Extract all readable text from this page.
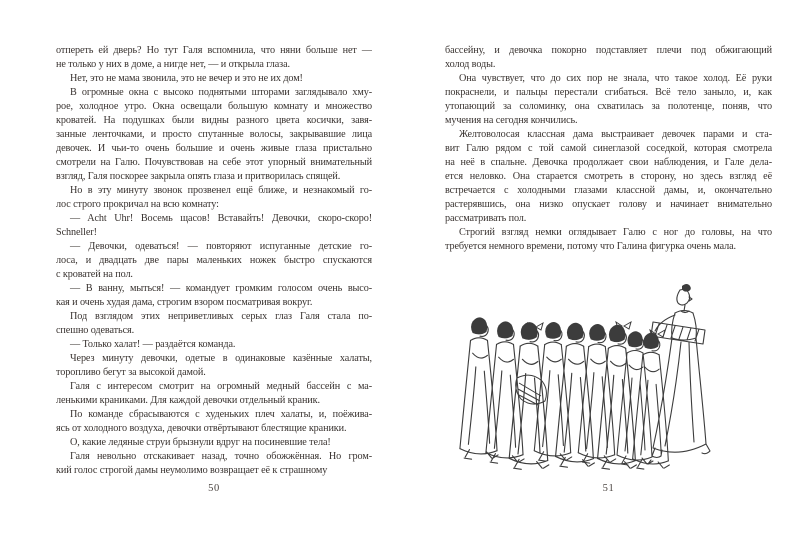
отпереть ей дверь? Но тут Галя вспомнила, что няни больше нет —
не только у них в доме, а нигде нет, — и открыла глаза.
Нет, это не мама звонила, это не вечер и это не их дом!
В огромные окна с высоко поднятыми шторами заглядывало хму-
рое, холодное утро. Окна освещали большую комнату и множество
кроватей. На подушках были видны разного цвета косички, завя-
занные ленточками, и просто спутанные волосы, закрывавшие лица
девочек. И чьи-то очень большие и очень живые глаза пристально
смотрели на Галю. Почувствовав на себе этот упорный внимательный
взгляд, Галя поскорее закрыла опять глаза и притворилась спящей.
Но в эту минуту звонок прозвенел ещё ближе, и незнакомый го-
лос строго прокричал на всю комнату:
— Acht Uhr! Восемь щасов! Вставайть! Девочки, скоро-скоро!
Schneller!
— Девочки, одеваться! — повторяют испуганные детские го-
лоса, и двадцать две пары маленьких ножек быстро спускаются
с кроватей на пол.
— В ванну, мыться! — командует громким голосом очень высо-
кая и очень худая дама, строгим взором посматривая вокруг.
Под взглядом этих неприветливых серых глаз Галя стала по-
спешно одеваться.
— Только халат! — раздаётся команда.
Через минуту девочки, одетые в одинаковые казённые халаты,
торопливо бегут за высокой дамой.
Галя с интересом смотрит на огромный медный бассейн с ма-
ленькими краниками. Для каждой девочки отдельный краник.
По команде сбрасываются с худеньких плеч халаты, и, поёжива-
ясь от холодного воздуха, девочки отвёртывают блестящие краники.
О, какие ледяные струи брызнули вдруг на посиневшие тела!
Галя невольно отскакивает назад, точно обожжённая. Но гром-
кий голос строгой дамы неумолимо возвращает её к страшному
бассейну, и девочка покорно подставляет плечи под обжигающий
холод воды.
Она чувствует, что до сих пор не знала, что такое холод. Её руки
покраснели, и пальцы перестали сгибаться. Всё тело заныло, и, как
утопающий за соломинку, она схватилась за полотенце, поняв, что
мучения на сегодня кончились.
Желтоволосая классная дама выстраивает девочек парами и ста-
вит Галю рядом с той самой синеглазой соседкой, которая смотрела
на неё в спальне. Девочка продолжает свои наблюдения, и Гале дела-
ется неловко. Она старается смотреть в сторону, но здесь взгляд её
встречается с холодными глазами классной дамы, и, окончательно
растерявшись, она низко опускает голову и начинает внимательно
рассматривать пол.
Строгий взгляд немки оглядывает Галю с ног до головы, на что
требуется немного времени, потому что Галина фигурка очень мала.
50	51
